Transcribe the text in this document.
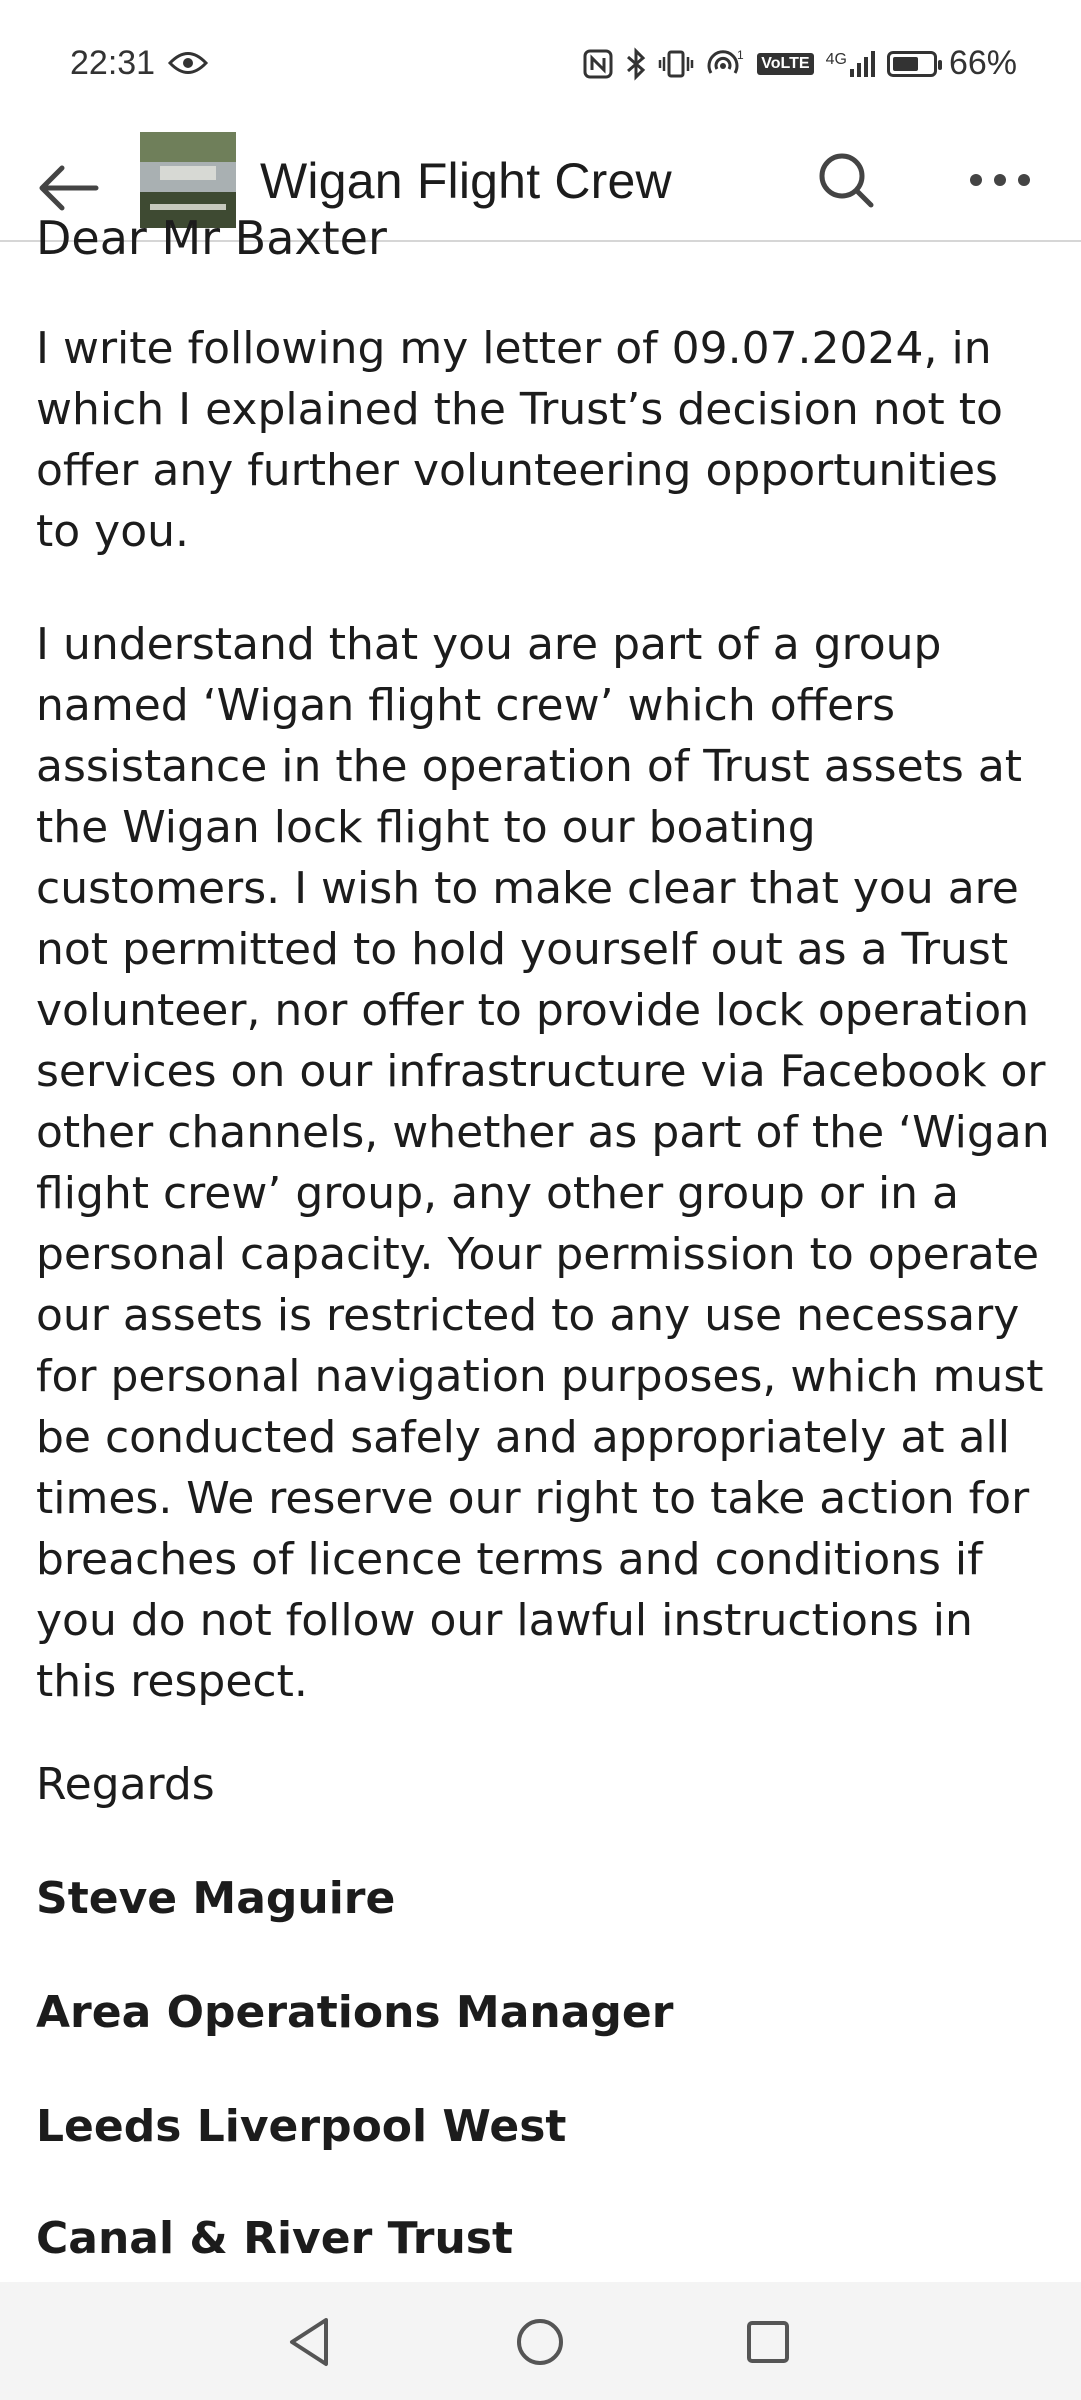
22:31	1 VoLTE 4G	66%
Wigan Flight Crew
Dear Mr Baxter

I write following my letter of 09.07.2024, in which I explained the Trust’s decision not to offer any further volunteering opportunities to you.

I understand that you are part of a group named ‘Wigan flight crew’ which offers assistance in the operation of Trust assets at the Wigan lock flight to our boating customers. I wish to make clear that you are not permitted to hold yourself out as a Trust volunteer, nor offer to provide lock operation services on our infrastructure via Facebook or other channels, whether as part of the ‘Wigan flight crew’ group, any other group or in a personal capacity. Your permission to operate our assets is restricted to any use necessary for personal navigation purposes, which must be conducted safely and appropriately at all times. We reserve our right to take action for breaches of licence terms and conditions if you do not follow our lawful instructions in this respect.

Regards
Steve Maguire
Area Operations Manager
Leeds Liverpool West
Canal & River Trust
